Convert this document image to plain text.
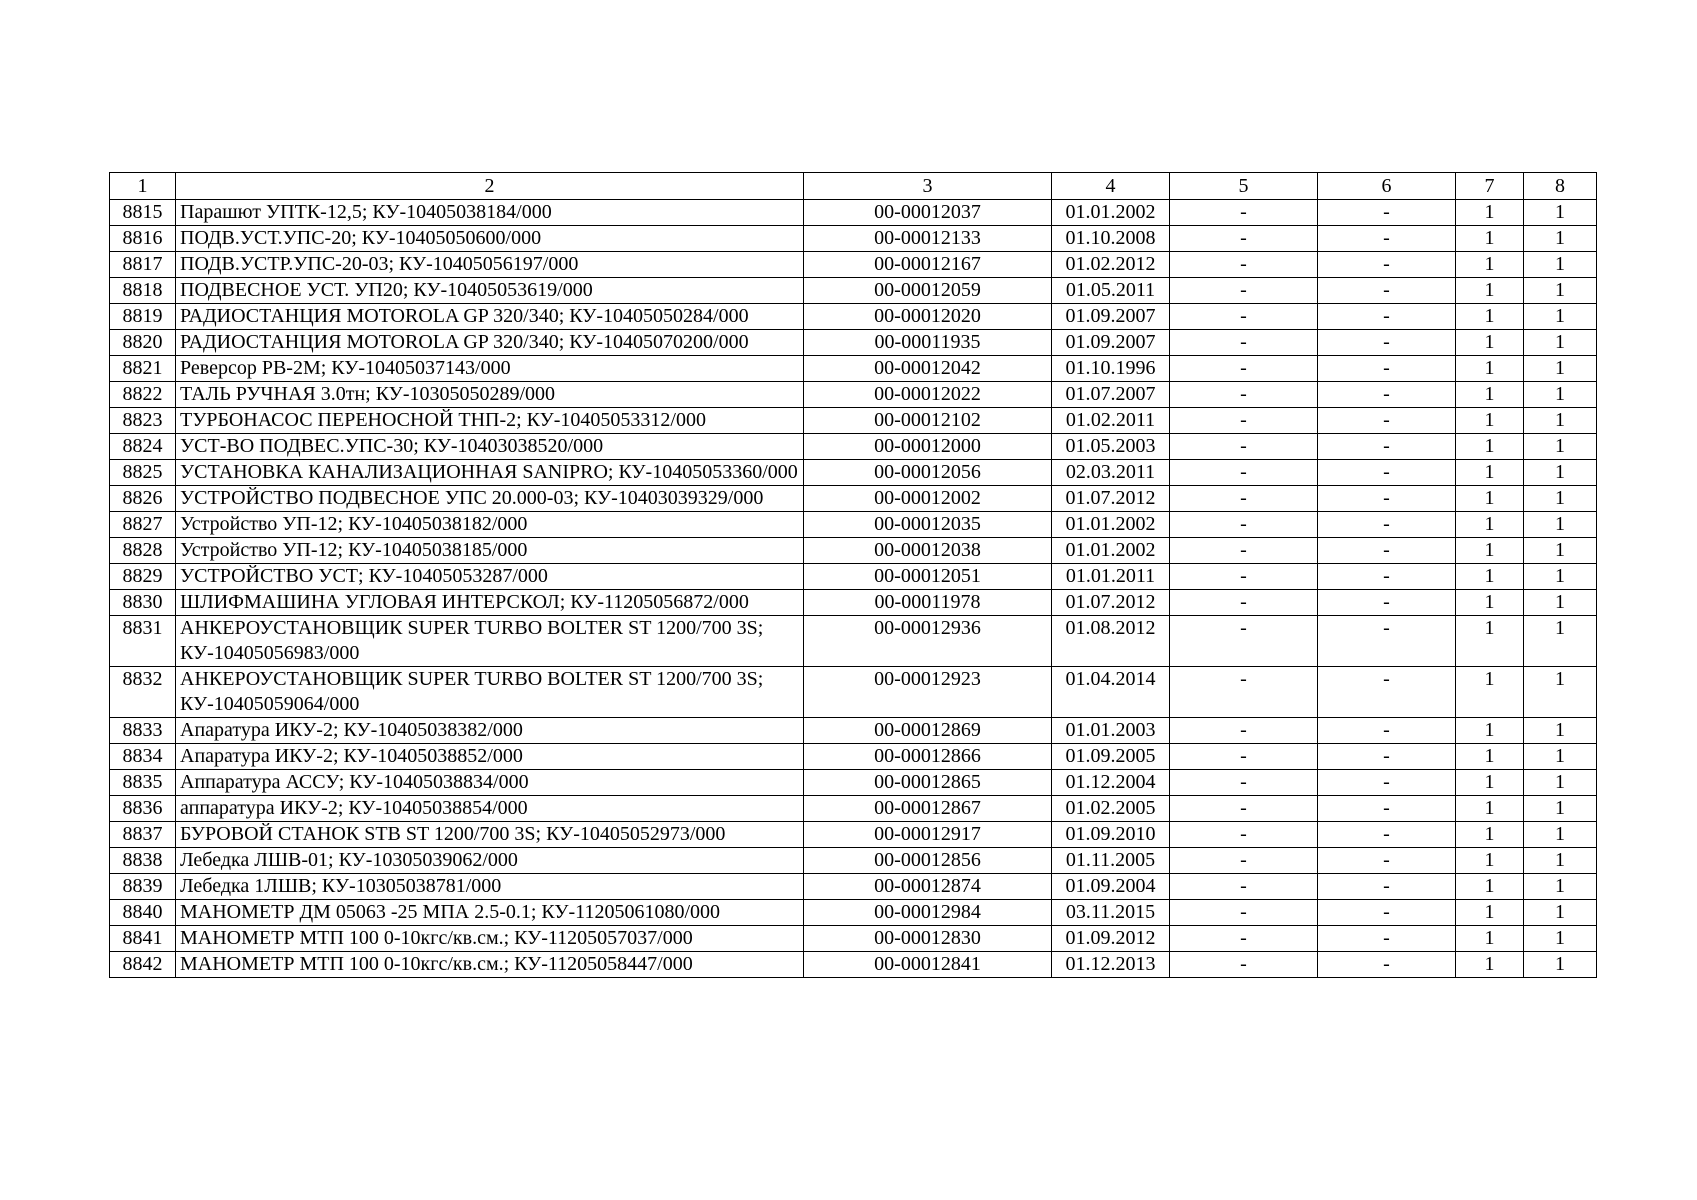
1	2	3	4	5	6	7	8
8815	Парашют УПТК-12,5; КУ-10405038184/000	00-00012037	01.01.2002	-	-	1	1
8816	ПОДВ.УСТ.УПС-20; КУ-10405050600/000	00-00012133	01.10.2008	-	-	1	1
8817	ПОДВ.УСТР.УПС-20-03; КУ-10405056197/000	00-00012167	01.02.2012	-	-	1	1
8818	ПОДВЕСНОЕ УСТ. УП20; КУ-10405053619/000	00-00012059	01.05.2011	-	-	1	1
8819	РАДИОСТАНЦИЯ MOTOROLA GP 320/340; КУ-10405050284/000	00-00012020	01.09.2007	-	-	1	1
8820	РАДИОСТАНЦИЯ MOTOROLA GP 320/340; КУ-10405070200/000	00-00011935	01.09.2007	-	-	1	1
8821	Реверсор РВ-2М; КУ-10405037143/000	00-00012042	01.10.1996	-	-	1	1
8822	ТАЛЬ РУЧНАЯ 3.0тн; КУ-10305050289/000	00-00012022	01.07.2007	-	-	1	1
8823	ТУРБОНАСОС ПЕРЕНОСНОЙ ТНП-2; КУ-10405053312/000	00-00012102	01.02.2011	-	-	1	1
8824	УСТ-ВО ПОДВЕС.УПС-30; КУ-10403038520/000	00-00012000	01.05.2003	-	-	1	1
8825	УСТАНОВКА КАНАЛИЗАЦИОННАЯ SANIPRO; КУ-10405053360/000	00-00012056	02.03.2011	-	-	1	1
8826	УСТРОЙСТВО ПОДВЕСНОЕ УПС 20.000-03; КУ-10403039329/000	00-00012002	01.07.2012	-	-	1	1
8827	Устройство УП-12; КУ-10405038182/000	00-00012035	01.01.2002	-	-	1	1
8828	Устройство УП-12; КУ-10405038185/000	00-00012038	01.01.2002	-	-	1	1
8829	УСТРОЙСТВО УСТ; КУ-10405053287/000	00-00012051	01.01.2011	-	-	1	1
8830	ШЛИФМАШИНА УГЛОВАЯ ИНТЕРСКОЛ; КУ-11205056872/000	00-00011978	01.07.2012	-	-	1	1
8831	АНКЕРОУСТАНОВЩИК SUPER TURBO BOLTER ST 1200/700 3S; КУ-10405056983/000	00-00012936	01.08.2012	-	-	1	1
8832	АНКЕРОУСТАНОВЩИК SUPER TURBO BOLTER ST 1200/700 3S; КУ-10405059064/000	00-00012923	01.04.2014	-	-	1	1
8833	Апаратура ИКУ-2; КУ-10405038382/000	00-00012869	01.01.2003	-	-	1	1
8834	Апаратура ИКУ-2; КУ-10405038852/000	00-00012866	01.09.2005	-	-	1	1
8835	Аппаратура АССУ; КУ-10405038834/000	00-00012865	01.12.2004	-	-	1	1
8836	аппаратура ИКУ-2; КУ-10405038854/000	00-00012867	01.02.2005	-	-	1	1
8837	БУРОВОЙ СТАНОК STB ST 1200/700 3S; КУ-10405052973/000	00-00012917	01.09.2010	-	-	1	1
8838	Лебедка ЛШВ-01; КУ-10305039062/000	00-00012856	01.11.2005	-	-	1	1
8839	Лебедка 1ЛШВ; КУ-10305038781/000	00-00012874	01.09.2004	-	-	1	1
8840	МАНОМЕТР ДМ 05063 -25 МПА 2.5-0.1; КУ-11205061080/000	00-00012984	03.11.2015	-	-	1	1
8841	МАНОМЕТР МТП 100 0-10кгс/кв.см.; КУ-11205057037/000	00-00012830	01.09.2012	-	-	1	1
8842	МАНОМЕТР МТП 100 0-10кгс/кв.см.; КУ-11205058447/000	00-00012841	01.12.2013	-	-	1	1
